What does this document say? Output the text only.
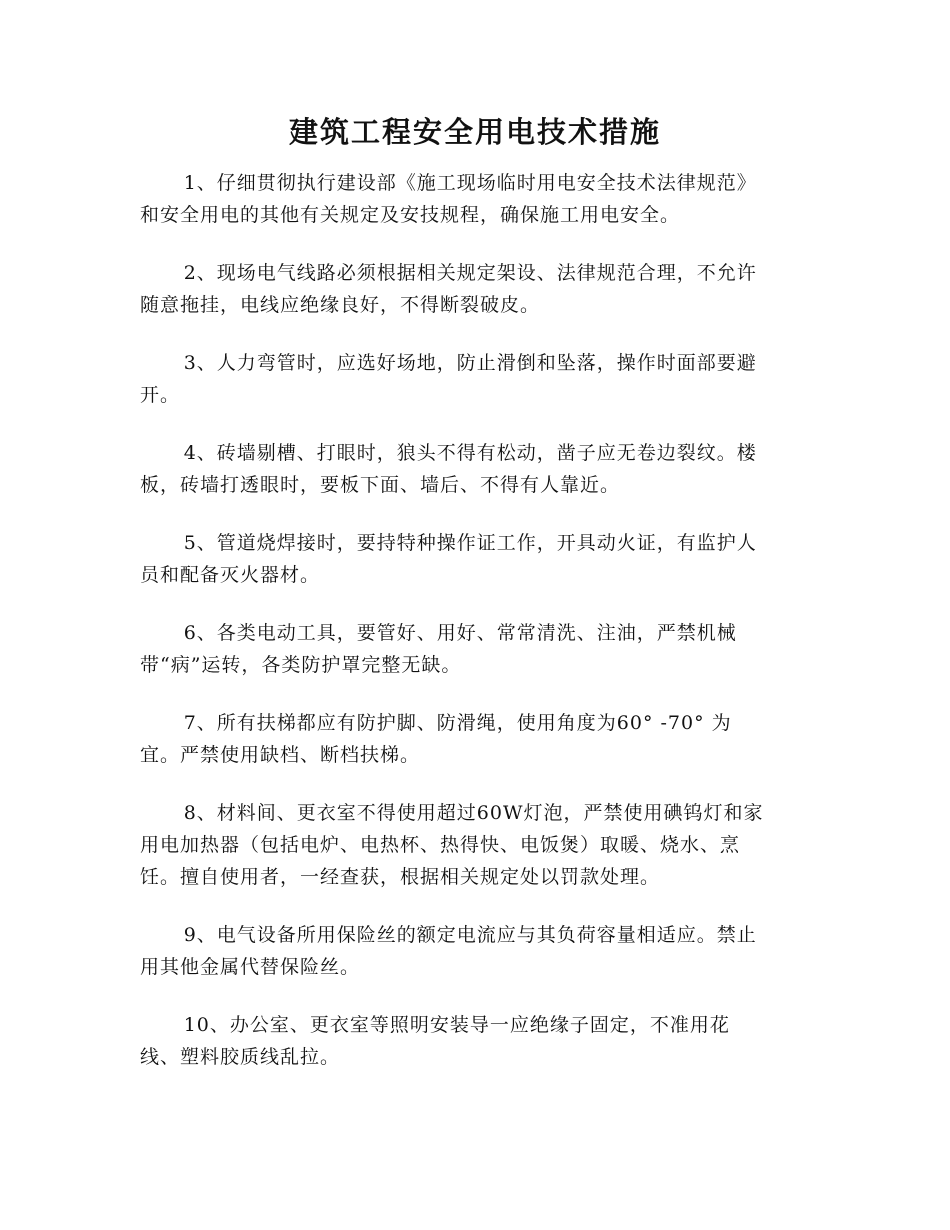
建筑工程安全用电技术措施

1、仔细贯彻执行建设部《施工现场临时用电安全技术法律规范》
和安全用电的其他有关规定及安技规程，确保施工用电安全。

2、现场电气线路必须根据相关规定架设、法律规范合理，不允许
随意拖挂，电线应绝缘良好，不得断裂破皮。

3、人力弯管时，应选好场地，防止滑倒和坠落，操作时面部要避
开。

4、砖墙剔槽、打眼时，狼头不得有松动，凿子应无卷边裂纹。楼
板，砖墙打透眼时，要板下面、墙后、不得有人靠近。

5、管道烧焊接时，要持特种操作证工作，开具动火证，有监护人
员和配备灭火器材。

6、各类电动工具，要管好、用好、常常清洗、注油，严禁机械
带“病”运转，各类防护罩完整无缺。

7、所有扶梯都应有防护脚、防滑绳，使用角度为60° -70° 为
宜。严禁使用缺档、断档扶梯。

8、材料间、更衣室不得使用超过60W灯泡，严禁使用碘钨灯和家
用电加热器（包括电炉、电热杯、热得快、电饭煲）取暖、烧水、烹
饪。擅自使用者，一经查获，根据相关规定处以罚款处理。

9、电气设备所用保险丝的额定电流应与其负荷容量相适应。禁止
用其他金属代替保险丝。

10、办公室、更衣室等照明安装导一应绝缘子固定，不准用花
线、塑料胶质线乱拉。
